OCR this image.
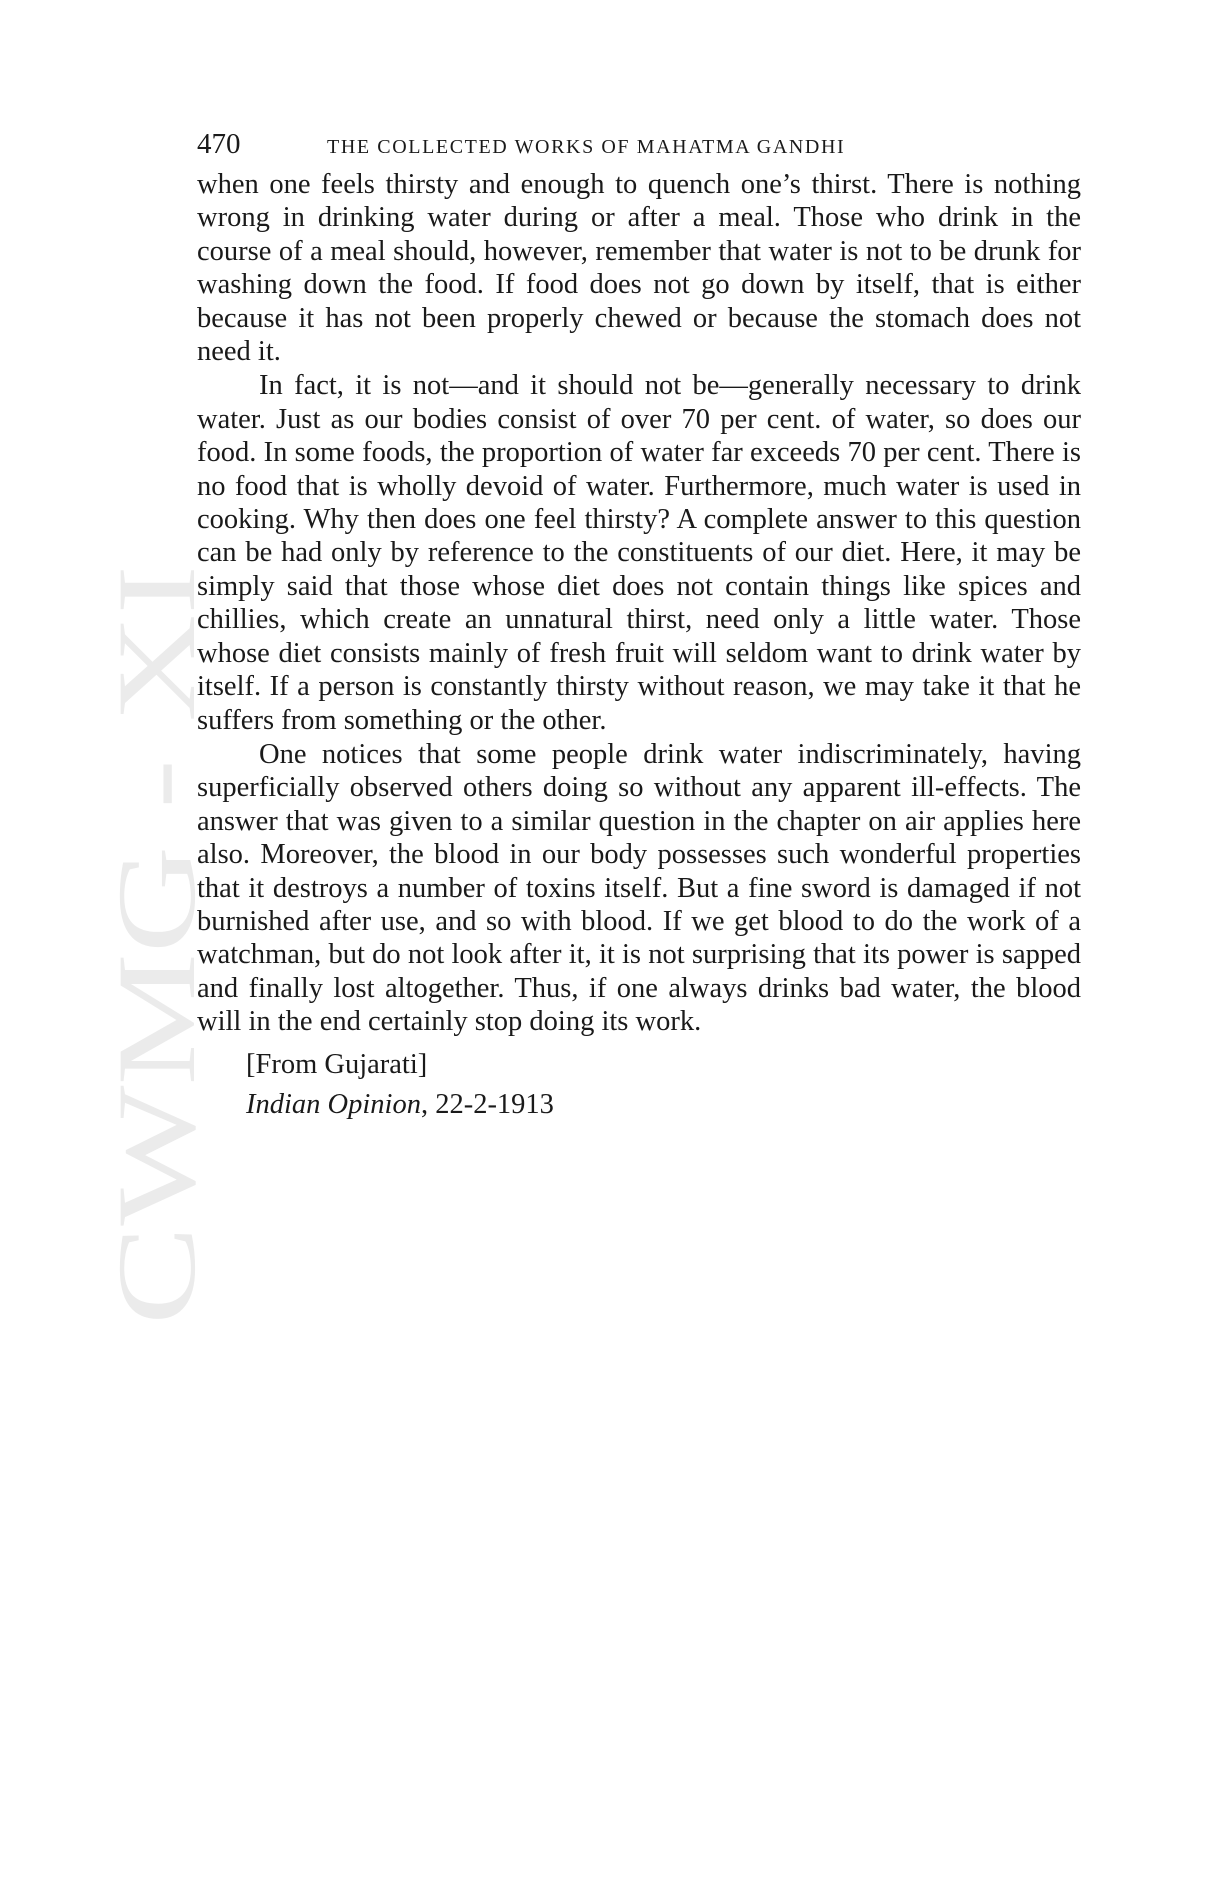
CWMG - XI
470	THE COLLECTED WORKS OF MAHATMA GANDHI

when one feels thirsty and enough to quench one’s thirst. There is nothing wrong in drinking water during or after a meal. Those who drink in the course of a meal should, however, remember that water is not to be drunk for washing down the food. If food does not go down by itself, that is either because it has not been properly chewed or because the stomach does not need it.

In fact, it is not—and it should not be—generally necessary to drink water. Just as our bodies consist of over 70 per cent. of water, so does our food. In some foods, the proportion of water far exceeds 70 per cent. There is no food that is wholly devoid of water. Furthermore, much water is used in cooking. Why then does one feel thirsty? A complete answer to this question can be had only by reference to the constituents of our diet. Here, it may be simply said that those whose diet does not contain things like spices and chillies, which create an unnatural thirst, need only a little water. Those whose diet consists mainly of fresh fruit will seldom want to drink water by itself. If a person is constantly thirsty without reason, we may take it that he suffers from something or the other.

One notices that some people drink water indiscriminately, having superficially observed others doing so without any apparent ill-effects. The answer that was given to a similar question in the chapter on air applies here also. Moreover, the blood in our body possesses such wonderful properties that it destroys a number of toxins itself. But a fine sword is damaged if not burnished after use, and so with blood. If we get blood to do the work of a watchman, but do not look after it, it is not surprising that its power is sapped and finally lost altogether. Thus, if one always drinks bad water, the blood will in the end certainly stop doing its work.

[From Gujarati]
Indian Opinion, 22-2-1913
